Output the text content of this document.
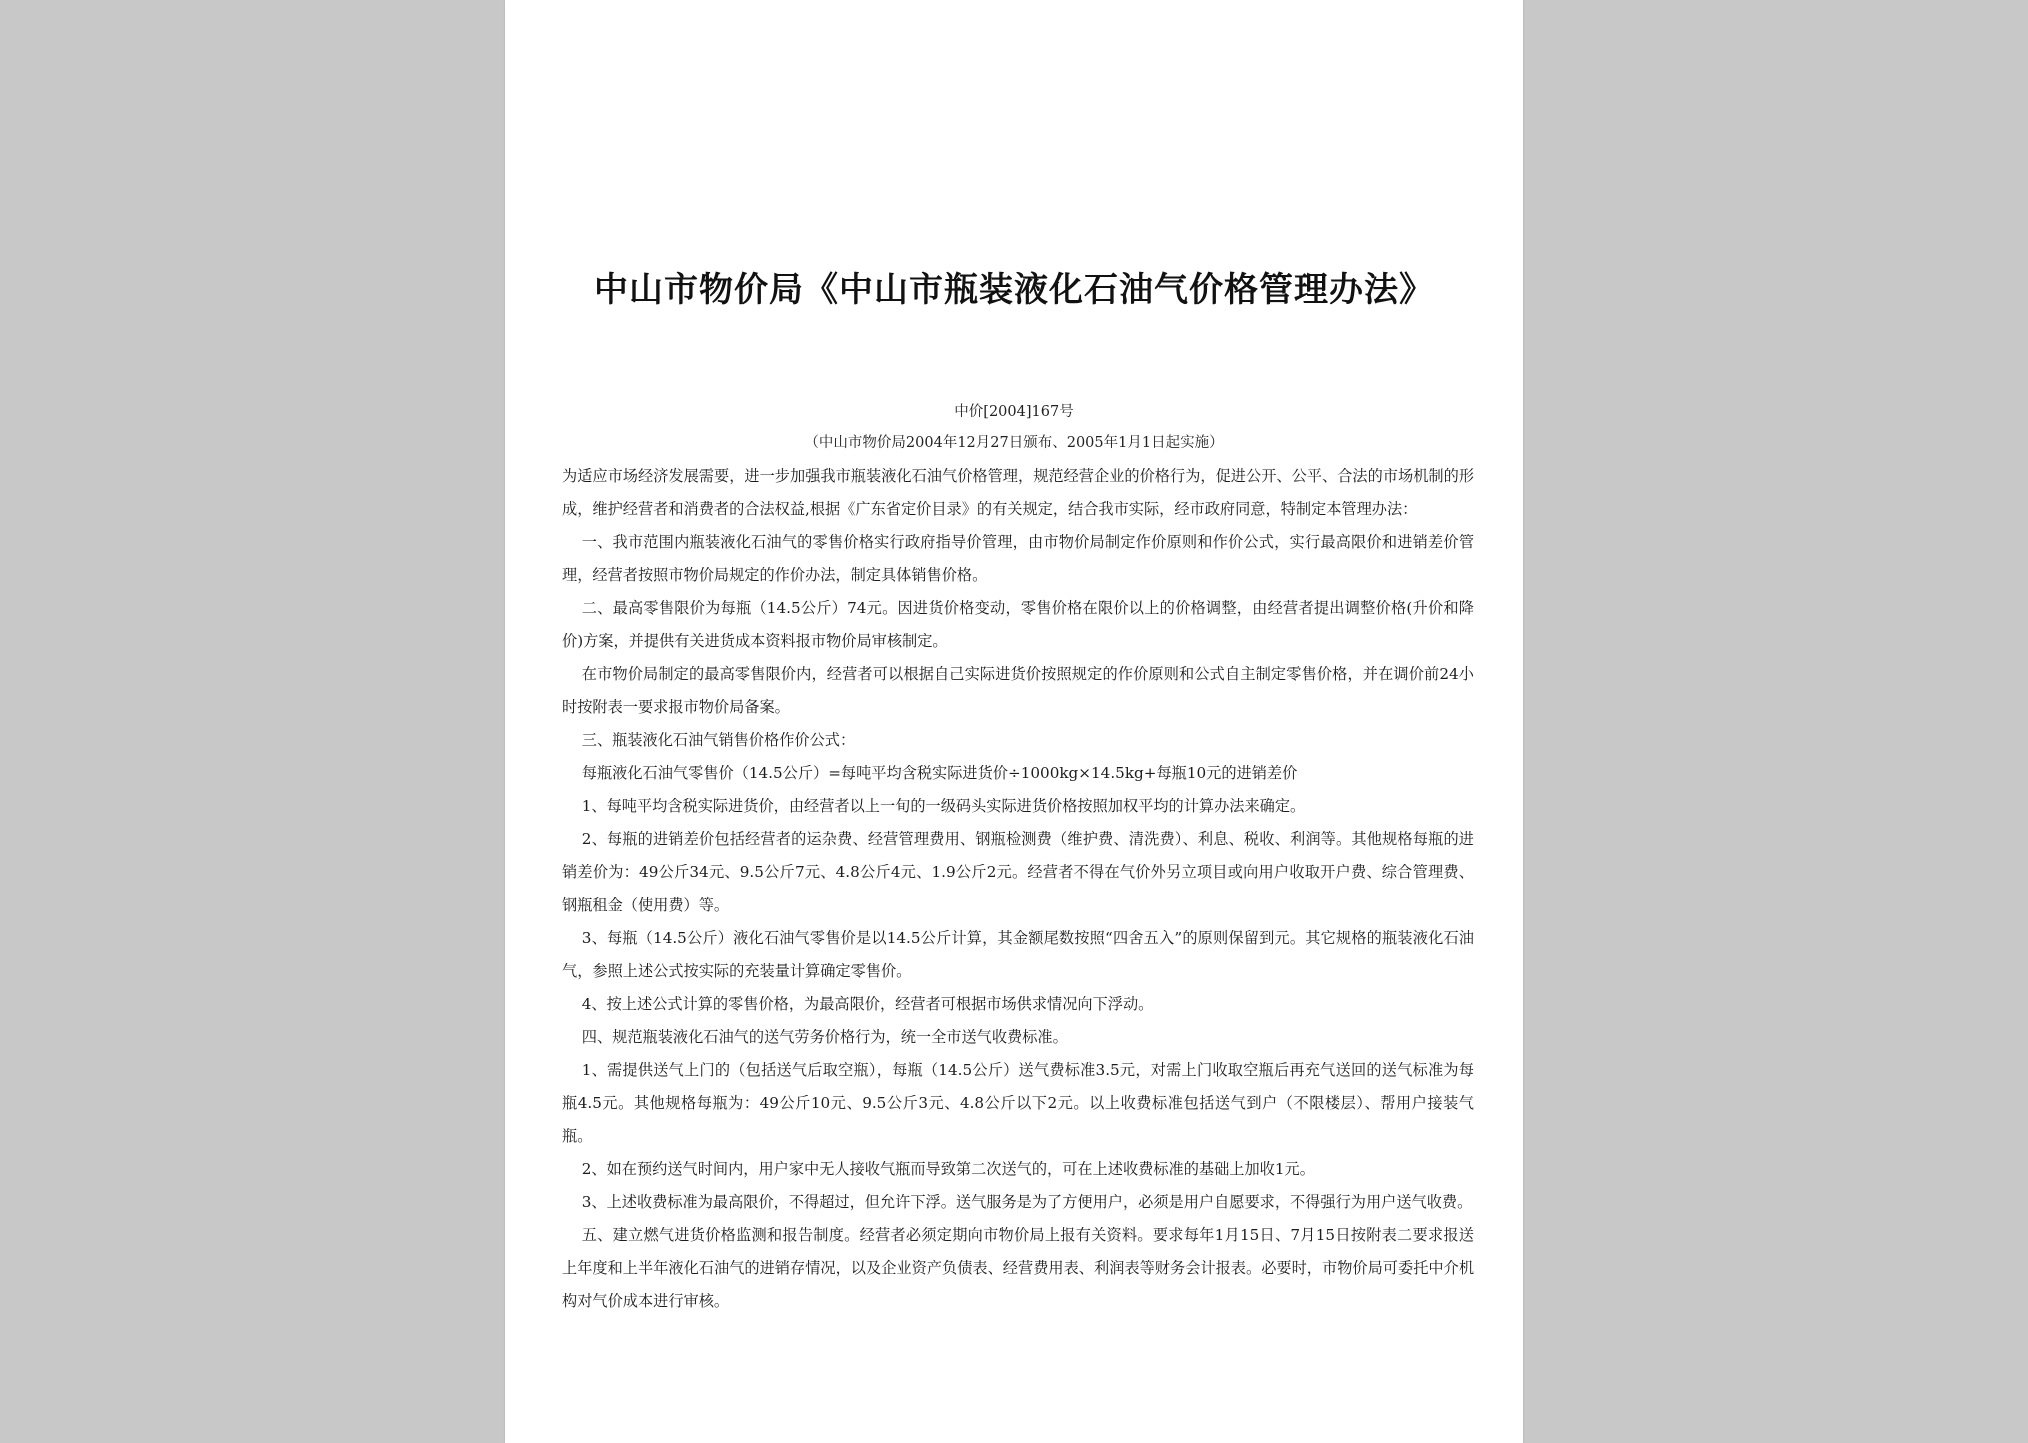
中山市物价局《中山市瓶装液化石油气价格管理办法》
中价[2004]167号
（中山市物价局2004年12月27日颁布、2005年1月1日起实施）

为适应市场经济发展需要，进一步加强我市瓶装液化石油气价格管理，规范经营企业的价格行为，促进公开、公平、合法的市场机制的形成，维护经营者和消费者的合法权益,根据《广东省定价目录》的有关规定，结合我市实际，经市政府同意，特制定本管理办法：

一、我市范围内瓶装液化石油气的零售价格实行政府指导价管理，由市物价局制定作价原则和作价公式，实行最高限价和进销差价管理，经营者按照市物价局规定的作价办法，制定具体销售价格。

二、最高零售限价为每瓶（14.5公斤）74元。因进货价格变动，零售价格在限价以上的价格调整，由经营者提出调整价格(升价和降价)方案，并提供有关进货成本资料报市物价局审核制定。

在市物价局制定的最高零售限价内，经营者可以根据自己实际进货价按照规定的作价原则和公式自主制定零售价格，并在调价前24小时按附表一要求报市物价局备案。

三、瓶装液化石油气销售价格作价公式：

每瓶液化石油气零售价（14.5公斤）=每吨平均含税实际进货价÷1000kg×14.5kg+每瓶10元的进销差价

1、每吨平均含税实际进货价，由经营者以上一旬的一级码头实际进货价格按照加权平均的计算办法来确定。

2、每瓶的进销差价包括经营者的运杂费、经营管理费用、钢瓶检测费（维护费、清洗费）、利息、税收、利润等。其他规格每瓶的进销差价为：49公斤34元、9.5公斤7元、4.8公斤4元、1.9公斤2元。经营者不得在气价外另立项目或向用户收取开户费、综合管理费、钢瓶租金（使用费）等。

3、每瓶（14.5公斤）液化石油气零售价是以14.5公斤计算，其金额尾数按照“四舍五入”的原则保留到元。其它规格的瓶装液化石油气，参照上述公式按实际的充装量计算确定零售价。

4、按上述公式计算的零售价格，为最高限价，经营者可根据市场供求情况向下浮动。

四、规范瓶装液化石油气的送气劳务价格行为，统一全市送气收费标准。

1、需提供送气上门的（包括送气后取空瓶），每瓶（14.5公斤）送气费标准3.5元，对需上门收取空瓶后再充气送回的送气标准为每瓶4.5元。其他规格每瓶为：49公斤10元、9.5公斤3元、4.8公斤以下2元。以上收费标准包括送气到户（不限楼层）、帮用户接装气瓶。

2、如在预约送气时间内，用户家中无人接收气瓶而导致第二次送气的，可在上述收费标准的基础上加收1元。

3、上述收费标准为最高限价，不得超过，但允许下浮。送气服务是为了方便用户，必须是用户自愿要求，不得强行为用户送气收费。

五、建立燃气进货价格监测和报告制度。经营者必须定期向市物价局上报有关资料。要求每年1月15日、7月15日按附表二要求报送上年度和上半年液化石油气的进销存情况，以及企业资产负债表、经营费用表、利润表等财务会计报表。必要时，市物价局可委托中介机构对气价成本进行审核。
